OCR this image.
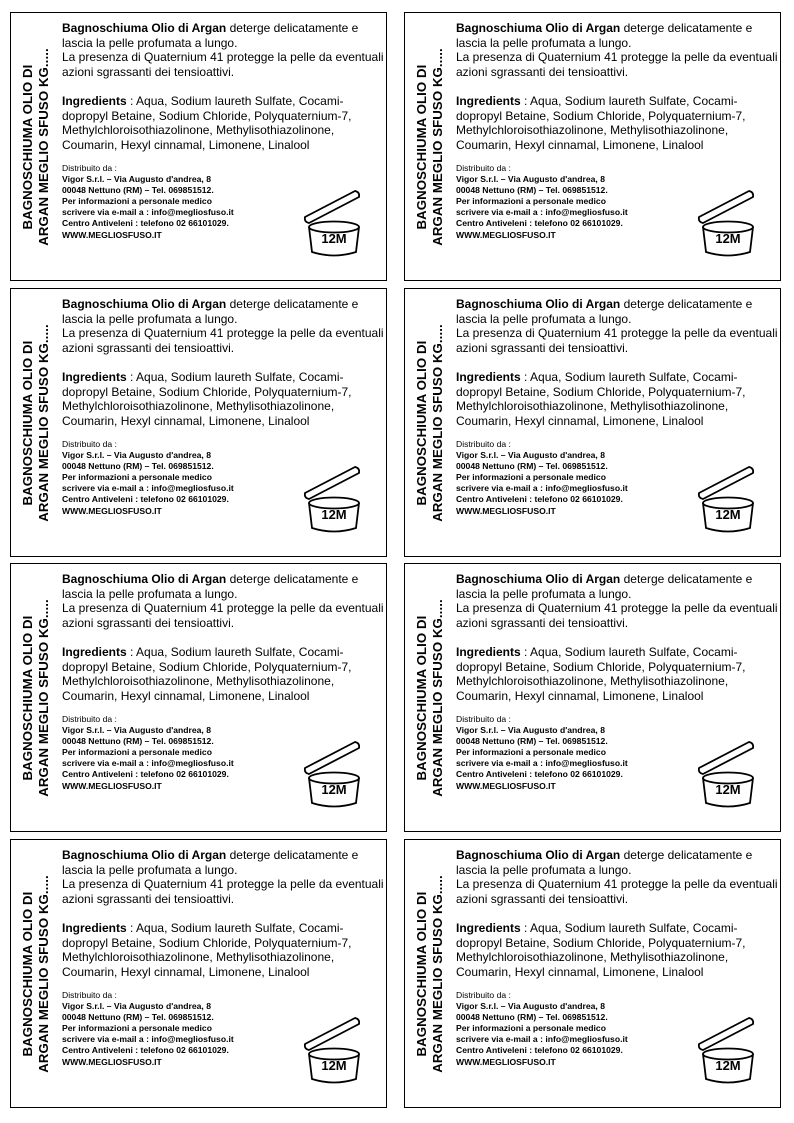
BAGNOSCHIUMA OLIO DI ARGAN MEGLIO SFUSO KG.....

Bagnoschiuma Olio di Argan deterge delicatamente e lascia la pelle profumata a lungo.

La presenza di Quaternium 41 protegge la pelle da eventuali azioni sgrassanti dei tensioattivi.

Ingredients : Aqua, Sodium laureth Sulfate, Cocami-dopropyl Betaine, Sodium Chloride, Polyquaternium-7, Methylchloroisothiazolinone, Methylisothiazolinone, Coumarin, Hexyl cinnamal, Limonene, Linalool

Distribuito da :
Vigor S.r.l. – Via Augusto d'andrea, 8
00048 Nettuno (RM) – Tel. 069851512.
Per informazioni a personale medico
scrivere via e-mail a : info@megliosfuso.it
Centro Antiveleni : telefono 02 66101029.
WWW.MEGLIOSFUSO.IT	12M
BAGNOSCHIUMA OLIO DI ARGAN MEGLIO SFUSO KG.....

Bagnoschiuma Olio di Argan deterge delicatamente e lascia la pelle profumata a lungo.

La presenza di Quaternium 41 protegge la pelle da eventuali azioni sgrassanti dei tensioattivi.

Ingredients : Aqua, Sodium laureth Sulfate, Cocami-dopropyl Betaine, Sodium Chloride, Polyquaternium-7, Methylchloroisothiazolinone, Methylisothiazolinone, Coumarin, Hexyl cinnamal, Limonene, Linalool

Distribuito da :
Vigor S.r.l. – Via Augusto d'andrea, 8
00048 Nettuno (RM) – Tel. 069851512.
Per informazioni a personale medico
scrivere via e-mail a : info@megliosfuso.it
Centro Antiveleni : telefono 02 66101029.
WWW.MEGLIOSFUSO.IT	12M
BAGNOSCHIUMA OLIO DI ARGAN MEGLIO SFUSO KG.....

Bagnoschiuma Olio di Argan deterge delicatamente e lascia la pelle profumata a lungo.

La presenza di Quaternium 41 protegge la pelle da eventuali azioni sgrassanti dei tensioattivi.

Ingredients : Aqua, Sodium laureth Sulfate, Cocami-dopropyl Betaine, Sodium Chloride, Polyquaternium-7, Methylchloroisothiazolinone, Methylisothiazolinone, Coumarin, Hexyl cinnamal, Limonene, Linalool

Distribuito da :
Vigor S.r.l. – Via Augusto d'andrea, 8
00048 Nettuno (RM) – Tel. 069851512.
Per informazioni a personale medico
scrivere via e-mail a : info@megliosfuso.it
Centro Antiveleni : telefono 02 66101029.
WWW.MEGLIOSFUSO.IT	12M
BAGNOSCHIUMA OLIO DI ARGAN MEGLIO SFUSO KG.....

Bagnoschiuma Olio di Argan deterge delicatamente e lascia la pelle profumata a lungo.

La presenza di Quaternium 41 protegge la pelle da eventuali azioni sgrassanti dei tensioattivi.

Ingredients : Aqua, Sodium laureth Sulfate, Cocami-dopropyl Betaine, Sodium Chloride, Polyquaternium-7, Methylchloroisothiazolinone, Methylisothiazolinone, Coumarin, Hexyl cinnamal, Limonene, Linalool

Distribuito da :
Vigor S.r.l. – Via Augusto d'andrea, 8
00048 Nettuno (RM) – Tel. 069851512.
Per informazioni a personale medico
scrivere via e-mail a : info@megliosfuso.it
Centro Antiveleni : telefono 02 66101029.
WWW.MEGLIOSFUSO.IT	12M
BAGNOSCHIUMA OLIO DI ARGAN MEGLIO SFUSO KG.....

Bagnoschiuma Olio di Argan deterge delicatamente e lascia la pelle profumata a lungo.

La presenza di Quaternium 41 protegge la pelle da eventuali azioni sgrassanti dei tensioattivi.

Ingredients : Aqua, Sodium laureth Sulfate, Cocami-dopropyl Betaine, Sodium Chloride, Polyquaternium-7, Methylchloroisothiazolinone, Methylisothiazolinone, Coumarin, Hexyl cinnamal, Limonene, Linalool

Distribuito da :
Vigor S.r.l. – Via Augusto d'andrea, 8
00048 Nettuno (RM) – Tel. 069851512.
Per informazioni a personale medico
scrivere via e-mail a : info@megliosfuso.it
Centro Antiveleni : telefono 02 66101029.
WWW.MEGLIOSFUSO.IT	12M
BAGNOSCHIUMA OLIO DI ARGAN MEGLIO SFUSO KG.....

Bagnoschiuma Olio di Argan deterge delicatamente e lascia la pelle profumata a lungo.

La presenza di Quaternium 41 protegge la pelle da eventuali azioni sgrassanti dei tensioattivi.

Ingredients : Aqua, Sodium laureth Sulfate, Cocami-dopropyl Betaine, Sodium Chloride, Polyquaternium-7, Methylchloroisothiazolinone, Methylisothiazolinone, Coumarin, Hexyl cinnamal, Limonene, Linalool

Distribuito da :
Vigor S.r.l. – Via Augusto d'andrea, 8
00048 Nettuno (RM) – Tel. 069851512.
Per informazioni a personale medico
scrivere via e-mail a : info@megliosfuso.it
Centro Antiveleni : telefono 02 66101029.
WWW.MEGLIOSFUSO.IT	12M
BAGNOSCHIUMA OLIO DI ARGAN MEGLIO SFUSO KG.....

Bagnoschiuma Olio di Argan deterge delicatamente e lascia la pelle profumata a lungo.

La presenza di Quaternium 41 protegge la pelle da eventuali azioni sgrassanti dei tensioattivi.

Ingredients : Aqua, Sodium laureth Sulfate, Cocami-dopropyl Betaine, Sodium Chloride, Polyquaternium-7, Methylchloroisothiazolinone, Methylisothiazolinone, Coumarin, Hexyl cinnamal, Limonene, Linalool

Distribuito da :
Vigor S.r.l. – Via Augusto d'andrea, 8
00048 Nettuno (RM) – Tel. 069851512.
Per informazioni a personale medico
scrivere via e-mail a : info@megliosfuso.it
Centro Antiveleni : telefono 02 66101029.
WWW.MEGLIOSFUSO.IT	12M
BAGNOSCHIUMA OLIO DI ARGAN MEGLIO SFUSO KG.....

Bagnoschiuma Olio di Argan deterge delicatamente e lascia la pelle profumata a lungo.

La presenza di Quaternium 41 protegge la pelle da eventuali azioni sgrassanti dei tensioattivi.

Ingredients : Aqua, Sodium laureth Sulfate, Cocami-dopropyl Betaine, Sodium Chloride, Polyquaternium-7, Methylchloroisothiazolinone, Methylisothiazolinone, Coumarin, Hexyl cinnamal, Limonene, Linalool

Distribuito da :
Vigor S.r.l. – Via Augusto d'andrea, 8
00048 Nettuno (RM) – Tel. 069851512.
Per informazioni a personale medico
scrivere via e-mail a : info@megliosfuso.it
Centro Antiveleni : telefono 02 66101029.
WWW.MEGLIOSFUSO.IT	12M
